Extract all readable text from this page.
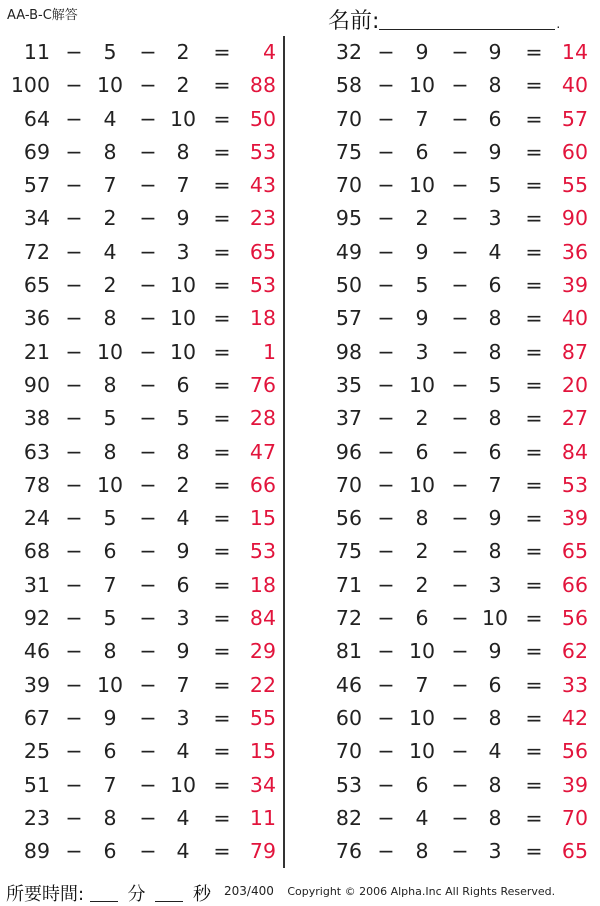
AA-B-C解答	名前:	.
11 −	5	− 2	=	4
100 − 10 − 2	= 88
64 −	4	− 10 = 50
69 −	8	− 8	= 53
57 −	7	− 7	= 43
34 −	2	− 9	= 23
72 −	4	− 3	= 65
65 −	2	− 10 = 53
36 −	8	− 10 = 18
21 − 10 − 10 =	1
90 −	8	− 6	= 76
38 −	5	− 5	= 28
63 −	8	− 8	= 47
78 − 10 − 2	= 66
24 −	5	− 4	= 15
68 −	6	− 9	= 53
31 −	7	− 6	= 18
92 −	5	− 3	= 84
46 −	8	− 9	= 29
39 − 10 − 7	= 22
67 −	9	− 3	= 55
25 −	6	− 4	= 15
51 −	7	− 10 = 34
23 −	8	− 4	= 11
89 −	6	− 4	= 79
32 −	9	− 9	= 14
58 − 10 − 8	= 40
70 −	7	− 6	= 57
75 −	6	− 9	= 60
70 − 10 − 5	= 55
95 −	2	− 3	= 90
49 −	9	− 4	= 36
50 −	5	− 6	= 39
57 −	9	− 8	= 40
98 −	3	− 8	= 87
35 − 10 − 5	= 20
37 −	2	− 8	= 27
96 −	6	− 6	= 84
70 − 10 − 7	= 53
56 −	8	− 9	= 39
75 −	2	− 8	= 65
71 −	2	− 3	= 66
72 −	6	− 10 = 56
81 − 10 − 9	= 62
46 −	7	− 6	= 33
60 − 10 − 8	= 42
70 − 10 − 4	= 56
53 −	6	− 8	= 39
82 −	4	− 8	= 70
76 −	8	− 3	= 65
所要時間: 分	秒	203/400 Copyright © 2006 Alpha.Inc All Rights Reserved.
